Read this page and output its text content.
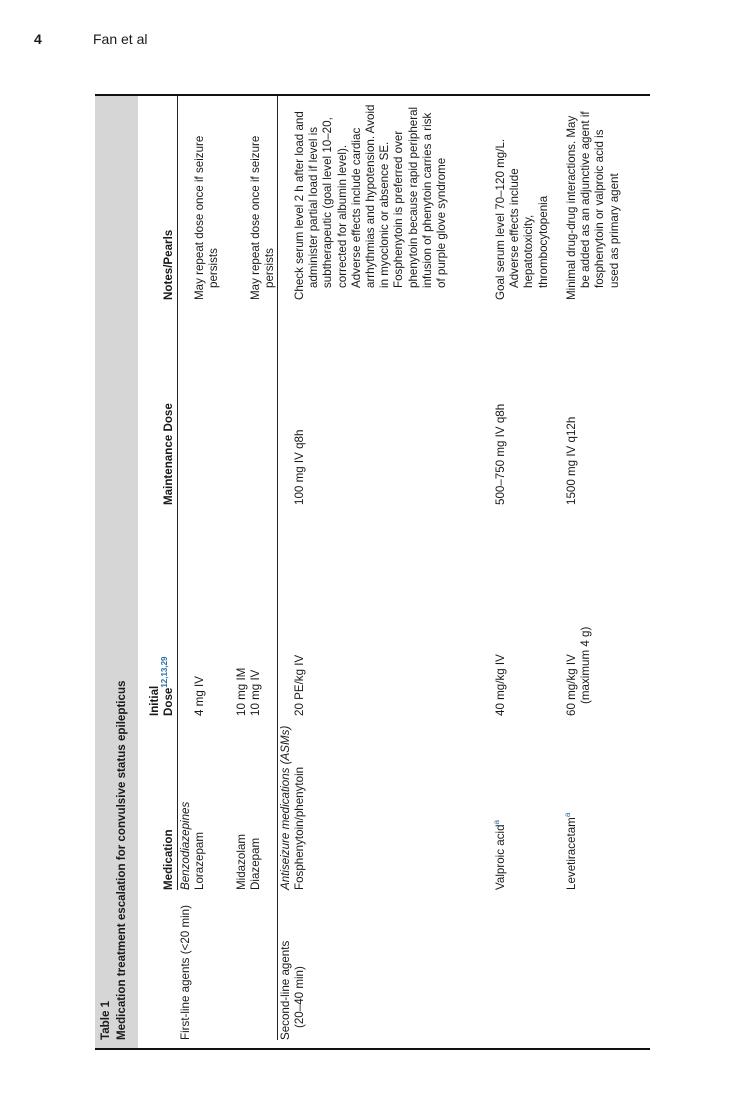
4	Fan et al
Table 1 Medication treatment escalation for convulsive status epilepticus	Medication
Initial Dose$^{12,13,29}$
Maintenance Dose
Notes/Pearls
First-line agents (<20 min)
Benzodiazepines Lorazepam
4 mg IV
May repeat dose once if seizure persists
Midazolam
10 mg IM
Diazepam
10 mg IV
May repeat dose once if seizure persists
Second-line agents (20–40 min)
Antiseizure medications (ASMs) Fosphenytoin/phenytoin
20 PE/kg IV
100 mg IV q8h
Check serum level 2 h after load and administer partial load if level is subtherapeutic (goal level 10–20, corrected for albumin level). Adverse effects include cardiac arrhythmias and hypotension. Avoid in myoclonic or absence SE. Fosphenytoin is preferred over phenytoin because rapid peripheral infusion of phenytoin carries a risk of purple glove syndrome
Valproic acid$^a$
40 mg/kg IV
500–750 mg IV q8h
Goal serum level 70–120 mg/L. Adverse effects include hepatotoxicity, thrombocytopenia
Levetiracetam$^a$
60 mg/kg IV (maximum 4 g)
1500 mg IV q12h
Minimal drug-drug interactions. May be added as an adjunctive agent if fosphenytoin or valproic acid is used as primary agent
